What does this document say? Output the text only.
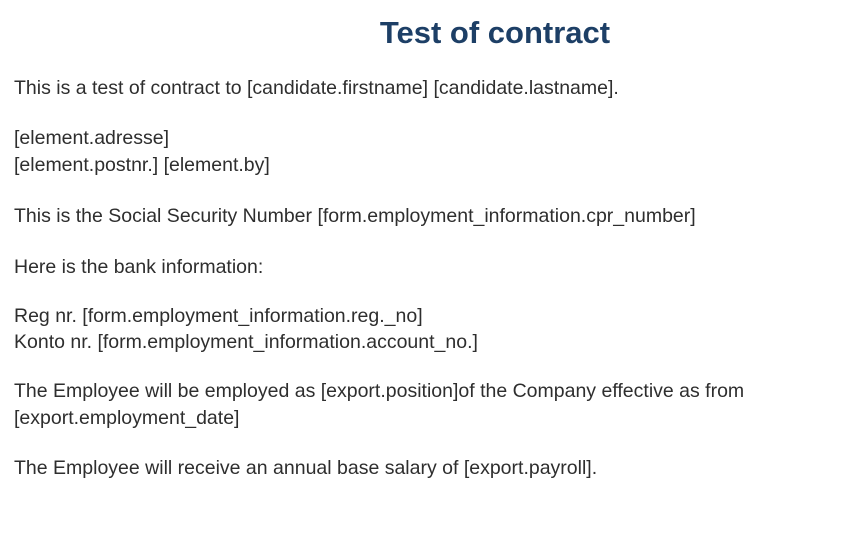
Test of contract
This is a test of contract to [candidate.firstname] [candidate.lastname].
[element.adresse]
[element.postnr.] [element.by]
This is the Social Security Number [form.employment_information.cpr_number]
Here is the bank information:
Reg nr. [form.employment_information.reg._no]
Konto nr. [form.employment_information.account_no.]
The Employee will be employed as [export.position]of the Company effective as from
[export.employment_date]
The Employee will receive an annual base salary of [export.payroll].
